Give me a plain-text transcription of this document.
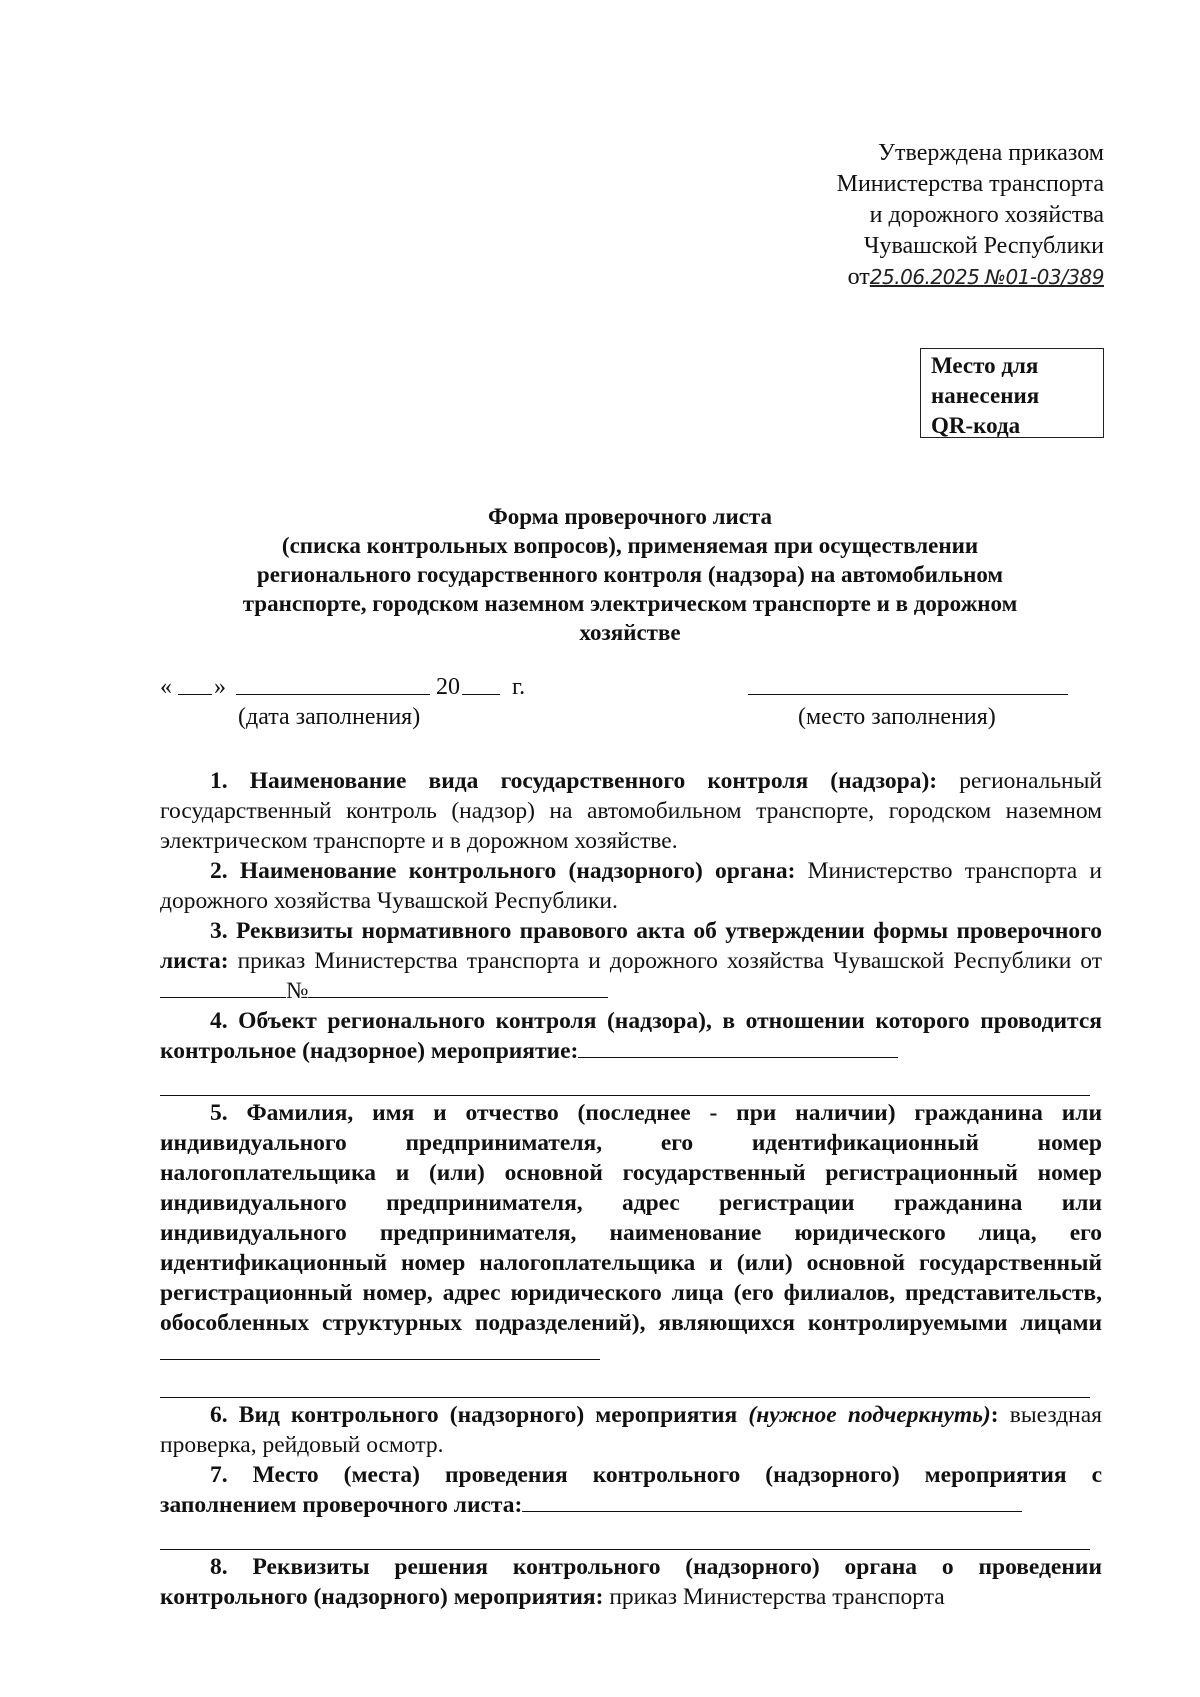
Утверждена приказом
Министерства транспорта
и дорожного хозяйства
Чувашской Республики
от25.06.2025 №01-03/389
Место для
нанесения
QR-кода
Форма проверочного листа
(списка контрольных вопросов), применяемая при осуществлении
регионального государственного контроля (надзора) на автомобильном
транспорте, городском наземном электрическом транспорте и в дорожном
хозяйстве
« »	20 г.
(дата заполнения)	(место заполнения)

1. Наименование вида государственного контроля (надзора): региональный государственный контроль (надзор) на автомобильном транспорте, городском наземном электрическом транспорте и в дорожном хозяйстве.

2. Наименование контрольного (надзорного) органа: Министерство транспорта и дорожного хозяйства Чувашской Республики.

3. Реквизиты нормативного правового акта об утверждении формы проверочного листа: приказ Министерства транспорта и дорожного хозяйства Чувашской Республики от №

4. Объект регионального контроля (надзора), в отношении которого проводится контрольное (надзорное) мероприятие:

5. Фамилия, имя и отчество (последнее - при наличии) гражданина или индивидуального предпринимателя, его идентификационный номер налогоплательщика и (или) основной государственный регистрационный номер индивидуального предпринимателя, адрес регистрации гражданина или индивидуального предпринимателя, наименование юридического лица, его идентификационный номер налогоплательщика и (или) основной государственный регистрационный номер, адрес юридического лица (его филиалов, представительств, обособленных структурных подразделений), являющихся контролируемыми лицами

6. Вид контрольного (надзорного) мероприятия (нужное подчеркнуть): выездная проверка, рейдовый осмотр.

7. Место (места) проведения контрольного (надзорного) мероприятия с заполнением проверочного листа:

8. Реквизиты решения контрольного (надзорного) органа о проведении контрольного (надзорного) мероприятия: приказ Министерства транспорта
